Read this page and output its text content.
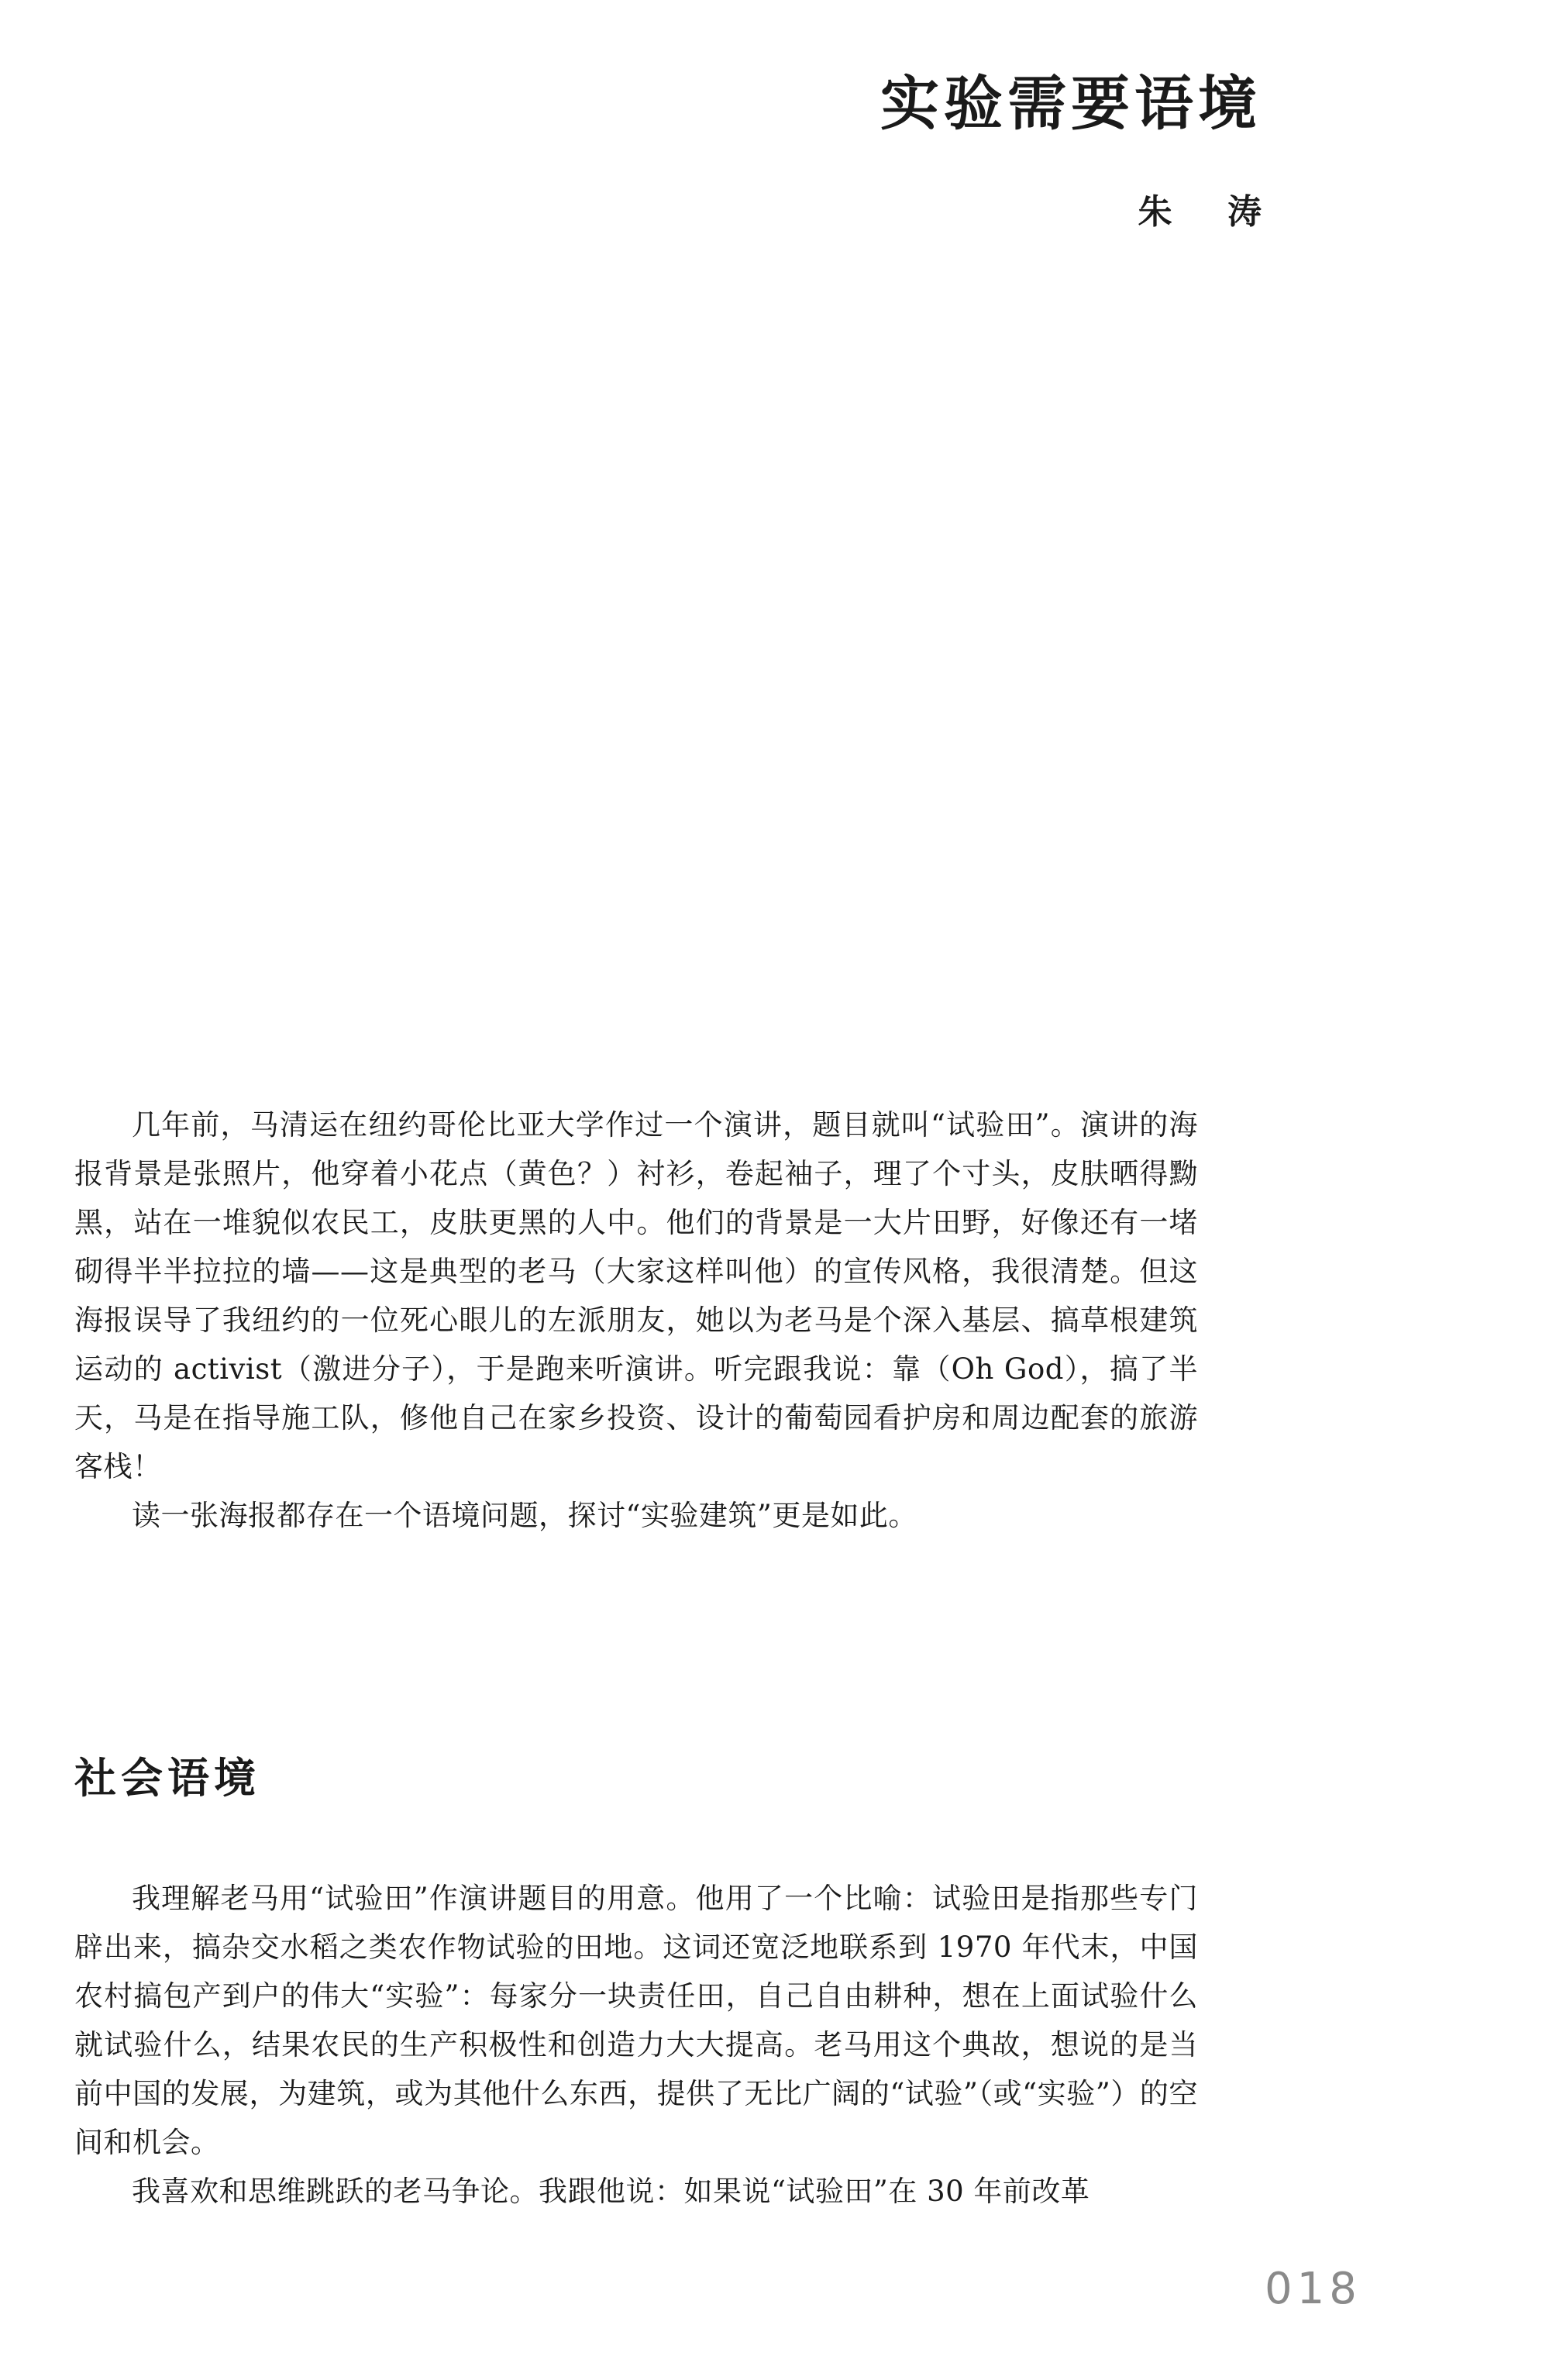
实验需要语境
朱 涛

几年前，马清运在纽约哥伦比亚大学作过一个演讲，题目就叫“试验田”。演讲的海报背景是张照片，他穿着小花点（黄色？）衬衫，卷起袖子，理了个寸头，皮肤晒得黝黑，站在一堆貌似农民工，皮肤更黑的人中。他们的背景是一大片田野，好像还有一堵砌得半半拉拉的墙——这是典型的老马（大家这样叫他）的宣传风格，我很清楚。但这海报误导了我纽约的一位死心眼儿的左派朋友，她以为老马是个深入基层、搞草根建筑运动的 activist（激进分子），于是跑来听演讲。听完跟我说：靠（Oh God），搞了半天，马是在指导施工队，修他自己在家乡投资、设计的葡萄园看护房和周边配套的旅游客栈！

读一张海报都存在一个语境问题，探讨“实验建筑”更是如此。

社会语境

我理解老马用“试验田”作演讲题目的用意。他用了一个比喻：试验田是指那些专门辟出来，搞杂交水稻之类农作物试验的田地。这词还宽泛地联系到 1970 年代末，中国农村搞包产到户的伟大“实验”：每家分一块责任田，自己自由耕种，想在上面试验什么就试验什么，结果农民的生产积极性和创造力大大提高。老马用这个典故，想说的是当前中国的发展，为建筑，或为其他什么东西，提供了无比广阔的“试验”（或“实验”）的空间和机会。

我喜欢和思维跳跃的老马争论。我跟他说：如果说“试验田”在 30 年前改革

018
